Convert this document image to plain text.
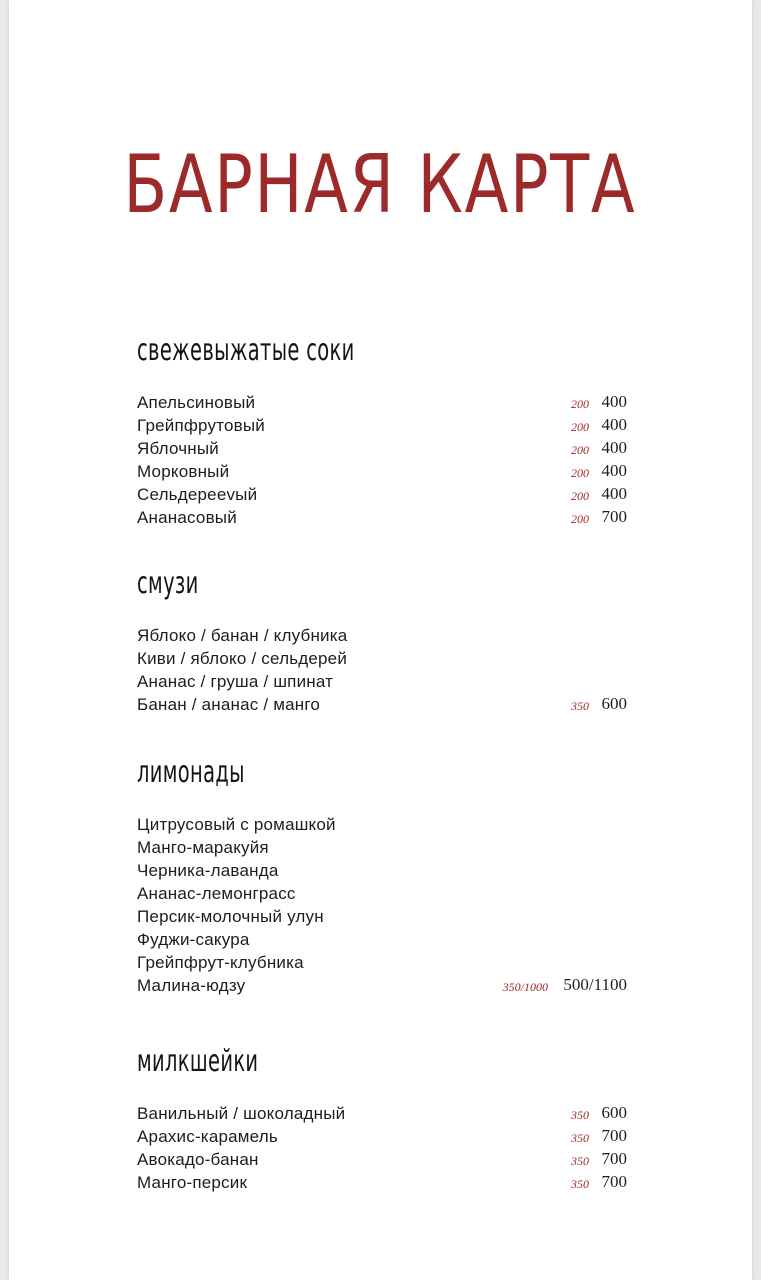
БАРНАЯ КАРТА
свежевыжатые соки
Апельсиновый	200 400
Грейпфрутовый	200 400
Яблочный	200 400
Морковный	200 400
Сельдерееvый	200 400
Ананасовый	200 700
смузи
Яблоко / банан / клубника
Киви / яблоко / сельдерей
Ананас / груша / шпинат
Банан / ананас / манго	350 600
лимонады
Цитрусовый с ромашкой
Манго-маракуйя
Черника-лаванда
Ананас-лемонграсс
Персик-молочный улун
Фуджи-сакура
Грейпфрут-клубника
Малина-юдзу	350/1000 500/1100
милкшейки
Ванильный / шоколадный	350 600
Арахис-карамель	350 700
Авокадо-банан	350 700
Манго-персик	350 700
